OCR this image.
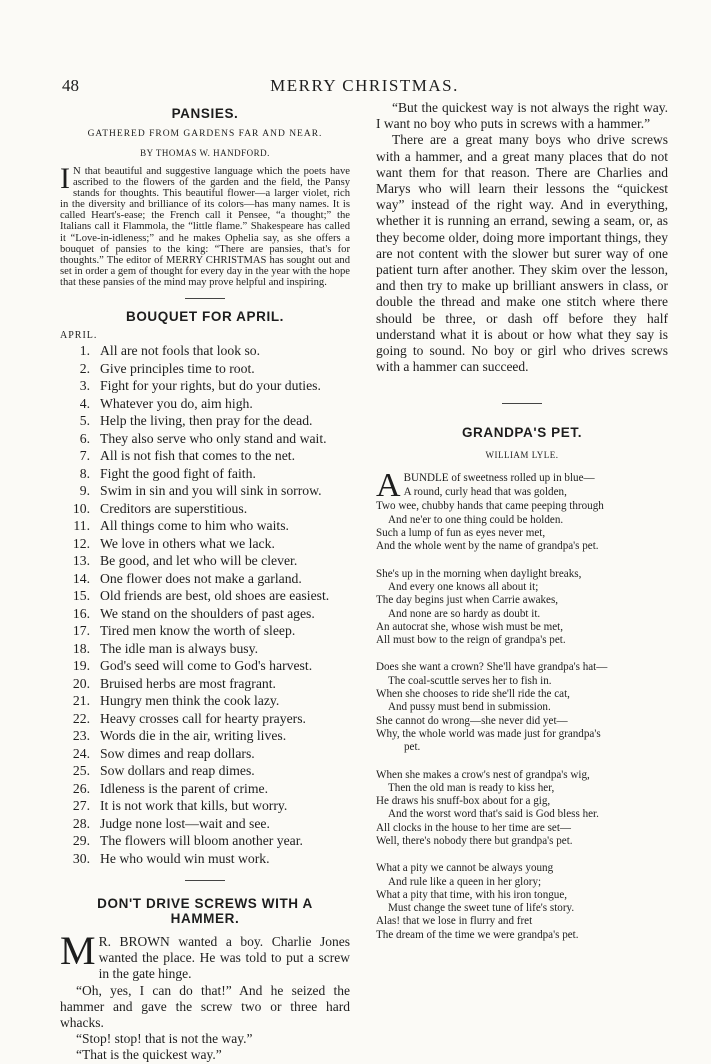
48	MERRY CHRISTMAS.
PANSIES.

GATHERED FROM GARDENS FAR AND NEAR.

BY THOMAS W. HANDFORD.

I N that beautiful and suggestive language which the poets have ascribed to the flowers of the garden and the field, the Pansy stands for thoughts. This beautiful flower—a larger violet, rich in the diversity and brilliance of its colors—has many names. It is called Heart's-ease; the French call it Pensee, “a thought;” the Italians call it Flammola, the “little flame.” Shakespeare has called it “Love-in-idleness;” and he makes Ophelia say, as she offers a bouquet of pansies to the king: “There are pansies, that's for thoughts.” The editor of MERRY CHRISTMAS has sought out and set in order a gem of thought for every day in the year with the hope that these pansies of the mind may prove helpful and inspiring.

BOUQUET FOR APRIL.
APRIL.
1. All are not fools that look so.
2. Give principles time to root.
3. Fight for your rights, but do your duties.
4. Whatever you do, aim high.
5. Help the living, then pray for the dead.
6. They also serve who only stand and wait.
7. All is not fish that comes to the net.
8. Fight the good fight of faith.
9. Swim in sin and you will sink in sorrow.
10. Creditors are superstitious.
11. All things come to him who waits.
12. We love in others what we lack.
13. Be good, and let who will be clever.
14. One flower does not make a garland.
15. Old friends are best, old shoes are easiest.
16. We stand on the shoulders of past ages.
17. Tired men know the worth of sleep.
18. The idle man is always busy.
19. God's seed will come to God's harvest.
20. Bruised herbs are most fragrant.
21. Hungry men think the cook lazy.
22. Heavy crosses call for hearty prayers.
23. Words die in the air, writing lives.
24. Sow dimes and reap dollars.
25. Sow dollars and reap dimes.
26. Idleness is the parent of crime.
27. It is not work that kills, but worry.
28. Judge none lost—wait and see.
29. The flowers will bloom another year.
30. He who would win must work.
DON'T DRIVE SCREWS WITH A HAMMER.

M R. BROWN wanted a boy. Charlie Jones wanted the place. He was told to put a screw in the gate hinge.

“Oh, yes, I can do that!” And he seized the hammer and gave the screw two or three hard whacks.

“Stop! stop! that is not the way.”

“That is the quickest way.”

“But the quickest way is not always the right way. I want no boy who puts in screws with a hammer.”

There are a great many boys who drive screws with a hammer, and a great many places that do not want them for that reason. There are Charlies and Marys who will learn their lessons the “quickest way” instead of the right way. And in everything, whether it is running an errand, sewing a seam, or, as they become older, doing more important things, they are not content with the slower but surer way of one patient turn after another. They skim over the lesson, and then try to make up brilliant answers in class, or double the thread and make one stitch where there should be three, or dash off before they half understand what it is about or how what they say is going to sound. No boy or girl who drives screws with a hammer can succeed.

GRANDPA'S PET.

WILLIAM LYLE.

A BUNDLE of sweetness rolled up in blue—
A round, curly head that was golden,
Two wee, chubby hands that came peeping through
And ne'er to one thing could be holden.
Such a lump of fun as eyes never met,
And the whole went by the name of grandpa's pet.
She's up in the morning when daylight breaks,
And every one knows all about it;
The day begins just when Carrie awakes,
And none are so hardy as doubt it.
An autocrat she, whose wish must be met,
All must bow to the reign of grandpa's pet.
Does she want a crown? She'll have grandpa's hat—
The coal-scuttle serves her to fish in.
When she chooses to ride she'll ride the cat,
And pussy must bend in submission.
She cannot do wrong—she never did yet—
Why, the whole world was made just for grandpa's
pet.
When she makes a crow's nest of grandpa's wig,
Then the old man is ready to kiss her,
He draws his snuff-box about for a gig,
And the worst word that's said is God bless her.
All clocks in the house to her time are set—
Well, there's nobody there but grandpa's pet.
What a pity we cannot be always young
And rule like a queen in her glory;
What a pity that time, with his iron tongue,
Must change the sweet tune of life's story.
Alas! that we lose in flurry and fret
The dream of the time we were grandpa's pet.
